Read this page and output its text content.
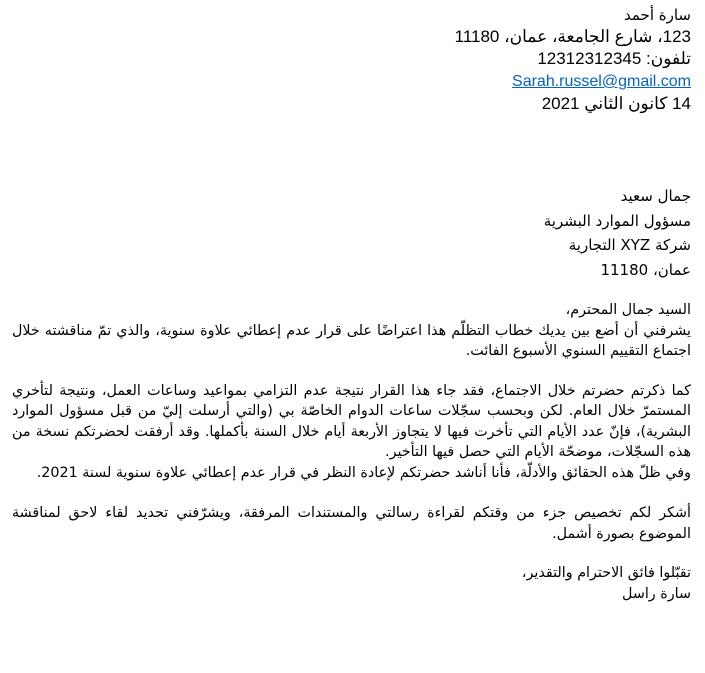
سارة أحمد
123، شارع الجامعة، عمان، 11180
تلفون: 12312312345
Sarah.russel@gmail.com
14 كانون الثاني 2021
جمال سعيد
مسؤول الموارد البشرية
شركة XYZ التجارية
عمان، 11180
السيد جمال المحترم،
يشرفني أن أضع بين يديك خطاب التظلّم هذا اعتراضًا على قرار عدم إعطائي علاوة سنوية، والذي تمّ مناقشته خلال اجتماع التقييم السنوي الأسبوع الفائت.
كما ذكرتم حضرتم خلال الاجتماع، فقد جاء هذا القرار نتيجة عدم التزامي بمواعيد وساعات العمل، ونتيجة لتأخري المستمرّ خلال العام. لكن وبحسب سجّلات ساعات الدوام الخاصّة بي (والتي أرسلت إليّ من قبل مسؤول الموارد البشرية)، فإنّ عدد الأيام التي تأخرت فيها لا يتجاوز الأربعة أيام خلال السنة بأكملها. وقد أرفقت لحضرتكم نسخة من هذه السجّلات، موضحّة الأيام التي حصل فيها التأخير.
وفي ظلّ هذه الحقائق والأدلّة، فأنا أناشد حضرتكم لإعادة النظر في قرار عدم إعطائي علاوة سنوية لسنة 2021.
أشكر لكم تخصيص جزء من وقتكم لقراءة رسالتي والمستندات المرفقة، ويشرّفني تحديد لقاء لاحق لمناقشة الموضوع بصورة أشمل.
تقبّلوا فائق الاحترام والتقدير،
سارة راسل
